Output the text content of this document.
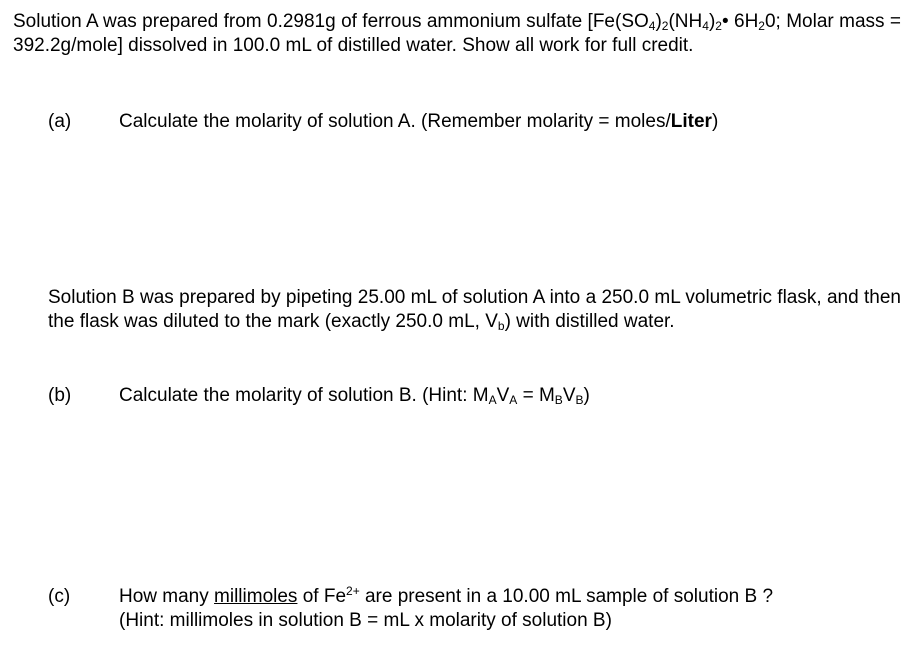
Solution A was prepared from 0.2981g of ferrous ammonium sulfate [$Fe(SO_4)_2(NH_4)_2•$ $6H_20$; Molar mass = 392.2g/mole] dissolved in 100.0 mL of distilled water. Show all work for full credit.
(a)	Calculate the molarity of solution A. (Remember molarity = moles/Liter)
Solution B was prepared by pipeting 25.00 mL of solution A into a 250.0 mL volumetric flask, and then the flask was diluted to the mark (exactly 250.0 mL, $V_b$) with distilled water.
(b)	Calculate the molarity of solution B. (Hint: $M_AV_A = M_BV_B$)
(c)	How many millimoles of $Fe^{2+}$ are present in a 10.00 mL sample of solution B ?
(Hint: millimoles in solution B = mL x molarity of solution B)
